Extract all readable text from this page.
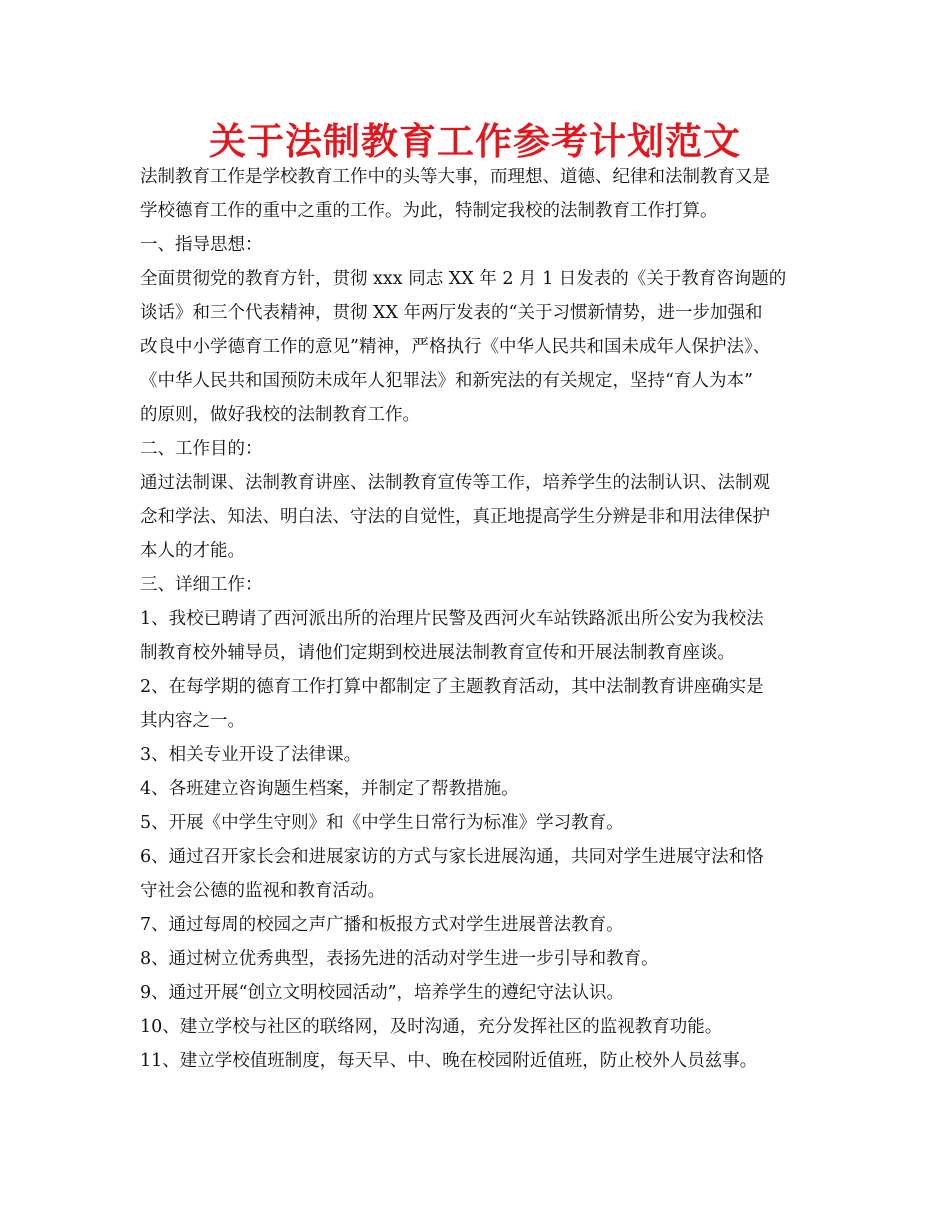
关于法制教育工作参考计划范文
法制教育工作是学校教育工作中的头等大事，而理想、道德、纪律和法制教育又是
学校德育工作的重中之重的工作。为此，特制定我校的法制教育工作打算。
一、指导思想：
全面贯彻党的教育方针，贯彻 xxx 同志 XX 年 2 月 1 日发表的《关于教育咨询题的
谈话》和三个代表精神，贯彻 XX 年两厅发表的“关于习惯新情势，进一步加强和
改良中小学德育工作的意见”精神，严格执行《中华人民共和国未成年人保护法》、
《中华人民共和国预防未成年人犯罪法》和新宪法的有关规定，坚持“育人为本”
的原则，做好我校的法制教育工作。
二、工作目的：
通过法制课、法制教育讲座、法制教育宣传等工作，培养学生的法制认识、法制观
念和学法、知法、明白法、守法的自觉性，真正地提高学生分辨是非和用法律保护
本人的才能。
三、详细工作：
1、我校已聘请了西河派出所的治理片民警及西河火车站铁路派出所公安为我校法
制教育校外辅导员，请他们定期到校进展法制教育宣传和开展法制教育座谈。
2、在每学期的德育工作打算中都制定了主题教育活动，其中法制教育讲座确实是
其内容之一。
3、相关专业开设了法律课。
4、各班建立咨询题生档案，并制定了帮教措施。
5、开展《中学生守则》和《中学生日常行为标准》学习教育。
6、通过召开家长会和进展家访的方式与家长进展沟通，共同对学生进展守法和恪
守社会公德的监视和教育活动。
7、通过每周的校园之声广播和板报方式对学生进展普法教育。
8、通过树立优秀典型，表扬先进的活动对学生进一步引导和教育。
9、通过开展“创立文明校园活动”，培养学生的遵纪守法认识。
10、建立学校与社区的联络网，及时沟通，充分发挥社区的监视教育功能。
11、建立学校值班制度，每天早、中、晚在校园附近值班，防止校外人员兹事。
